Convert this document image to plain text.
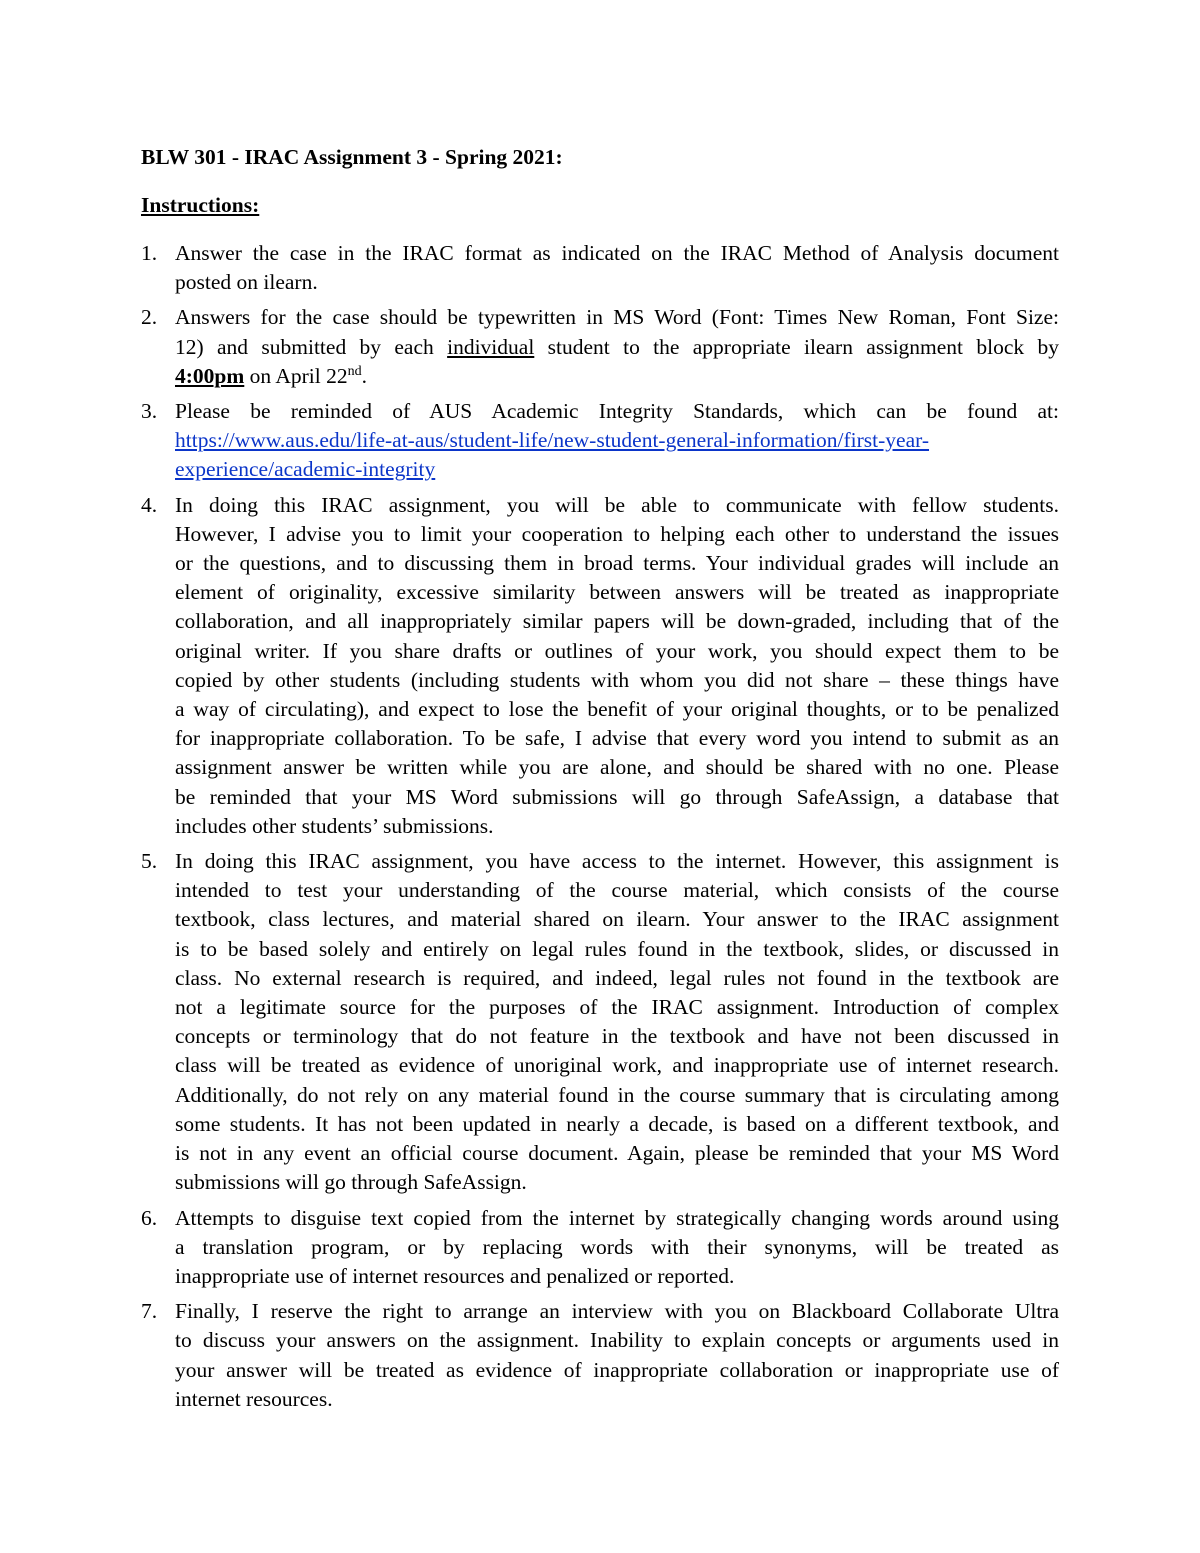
BLW 301 - IRAC Assignment 3 - Spring 2021:
Instructions:
1. Answer the case in the IRAC format as indicated on the IRAC Method of Analysis document
posted on ilearn.
2. Answers for the case should be typewritten in MS Word (Font: Times New Roman, Font Size:
12) and submitted by each individual student to the appropriate ilearn assignment block by
4:00pm on April 22nd.
3. Please be reminded of AUS Academic Integrity Standards, which can be found at:
https://www.aus.edu/life-at-aus/student-life/new-student-general-information/first-year-
experience/academic-integrity
4. In doing this IRAC assignment, you will be able to communicate with fellow students.
However, I advise you to limit your cooperation to helping each other to understand the issues
or the questions, and to discussing them in broad terms. Your individual grades will include an
element of originality, excessive similarity between answers will be treated as inappropriate
collaboration, and all inappropriately similar papers will be down-graded, including that of the
original writer. If you share drafts or outlines of your work, you should expect them to be
copied by other students (including students with whom you did not share – these things have
a way of circulating), and expect to lose the benefit of your original thoughts, or to be penalized
for inappropriate collaboration. To be safe, I advise that every word you intend to submit as an
assignment answer be written while you are alone, and should be shared with no one. Please
be reminded that your MS Word submissions will go through SafeAssign, a database that
includes other students’ submissions.
5. In doing this IRAC assignment, you have access to the internet. However, this assignment is
intended to test your understanding of the course material, which consists of the course
textbook, class lectures, and material shared on ilearn. Your answer to the IRAC assignment
is to be based solely and entirely on legal rules found in the textbook, slides, or discussed in
class. No external research is required, and indeed, legal rules not found in the textbook are
not a legitimate source for the purposes of the IRAC assignment. Introduction of complex
concepts or terminology that do not feature in the textbook and have not been discussed in
class will be treated as evidence of unoriginal work, and inappropriate use of internet research.
Additionally, do not rely on any material found in the course summary that is circulating among
some students. It has not been updated in nearly a decade, is based on a different textbook, and
is not in any event an official course document. Again, please be reminded that your MS Word
submissions will go through SafeAssign.
6. Attempts to disguise text copied from the internet by strategically changing words around using
a translation program, or by replacing words with their synonyms, will be treated as
inappropriate use of internet resources and penalized or reported.
7. Finally, I reserve the right to arrange an interview with you on Blackboard Collaborate Ultra
to discuss your answers on the assignment. Inability to explain concepts or arguments used in
your answer will be treated as evidence of inappropriate collaboration or inappropriate use of
internet resources.
